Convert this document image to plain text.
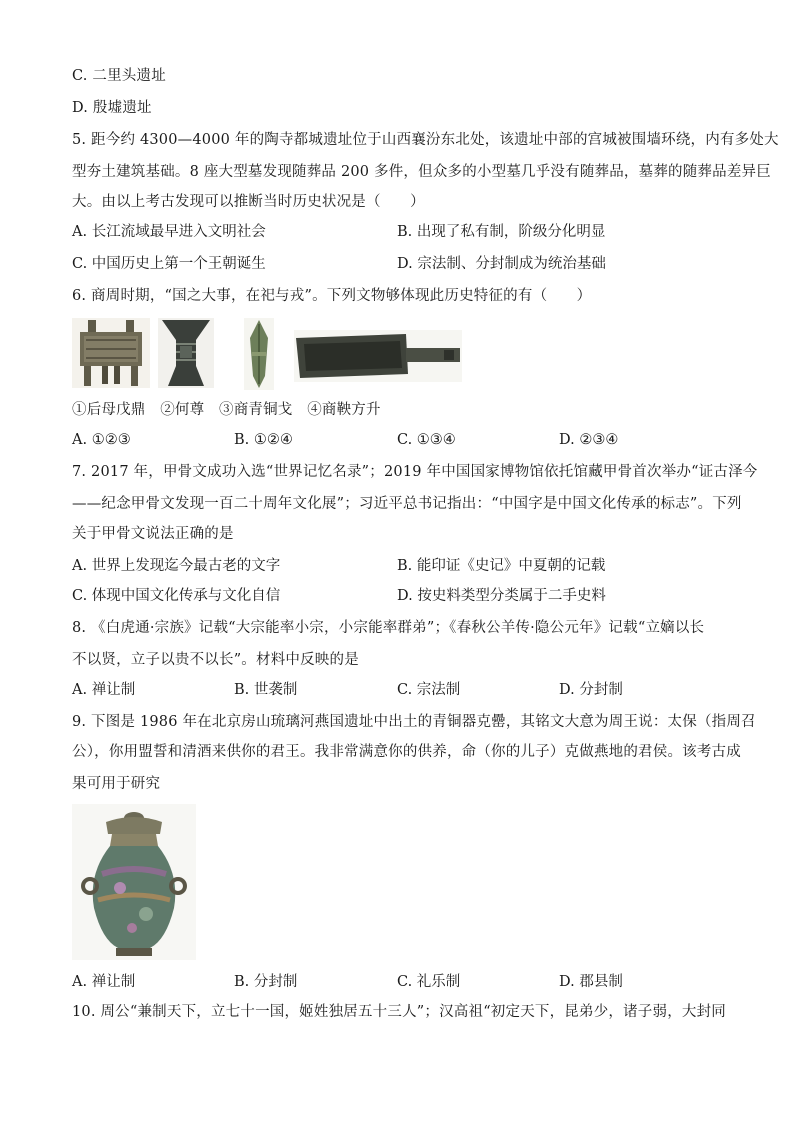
C. 二里头遗址
D. 殷墟遗址
5. 距今约 4300—4000 年的陶寺都城遗址位于山西襄汾东北处，该遗址中部的宫城被围墙环绕，内有多处大
型夯土建筑基础。8 座大型墓发现随葬品 200 多件，但众多的小型墓几乎没有随葬品，墓葬的随葬品差异巨
大。由以上考古发现可以推断当时历史状况是（　　）
A. 长江流域最早进入文明社会	B. 出现了私有制，阶级分化明显
C. 中国历史上第一个王朝诞生	D. 宗法制、分封制成为统治基础
6. 商周时期，“国之大事，在祀与戎”。下列文物够体现此历史特征的有（　　）
①后母戊鼎　②何尊　③商青铜戈　④商鞅方升
A. ①②③	B. ①②④	C. ①③④	D. ②③④
7. 2017 年，甲骨文成功入选“世界记忆名录”；2019 年中国国家博物馆依托馆藏甲骨首次举办“证古泽今
——纪念甲骨文发现一百二十周年文化展”；习近平总书记指出：“中国字是中国文化传承的标志”。下列
关于甲骨文说法正确的是
A. 世界上发现迄今最古老的文字	B. 能印证《史记》中夏朝的记载
C. 体现中国文化传承与文化自信	D. 按史料类型分类属于二手史料
8. 《白虎通·宗族》记载“大宗能率小宗，小宗能率群弟”；《春秋公羊传·隐公元年》记载“立嫡以长
不以贤，立子以贵不以长”。材料中反映的是
A. 禅让制	B. 世袭制	C. 宗法制	D. 分封制
9. 下图是 1986 年在北京房山琉璃河燕国遗址中出土的青铜器克罍，其铭文大意为周王说：太保（指周召
公），你用盟誓和清酒来供你的君王。我非常满意你的供养，命（你的儿子）克做燕地的君侯。该考古成
果可用于研究
A. 禅让制	B. 分封制	C. 礼乐制	D. 郡县制
10. 周公“兼制天下，立七十一国，姬姓独居五十三人”；汉高祖“初定天下，昆弟少，诸子弱，大封同
